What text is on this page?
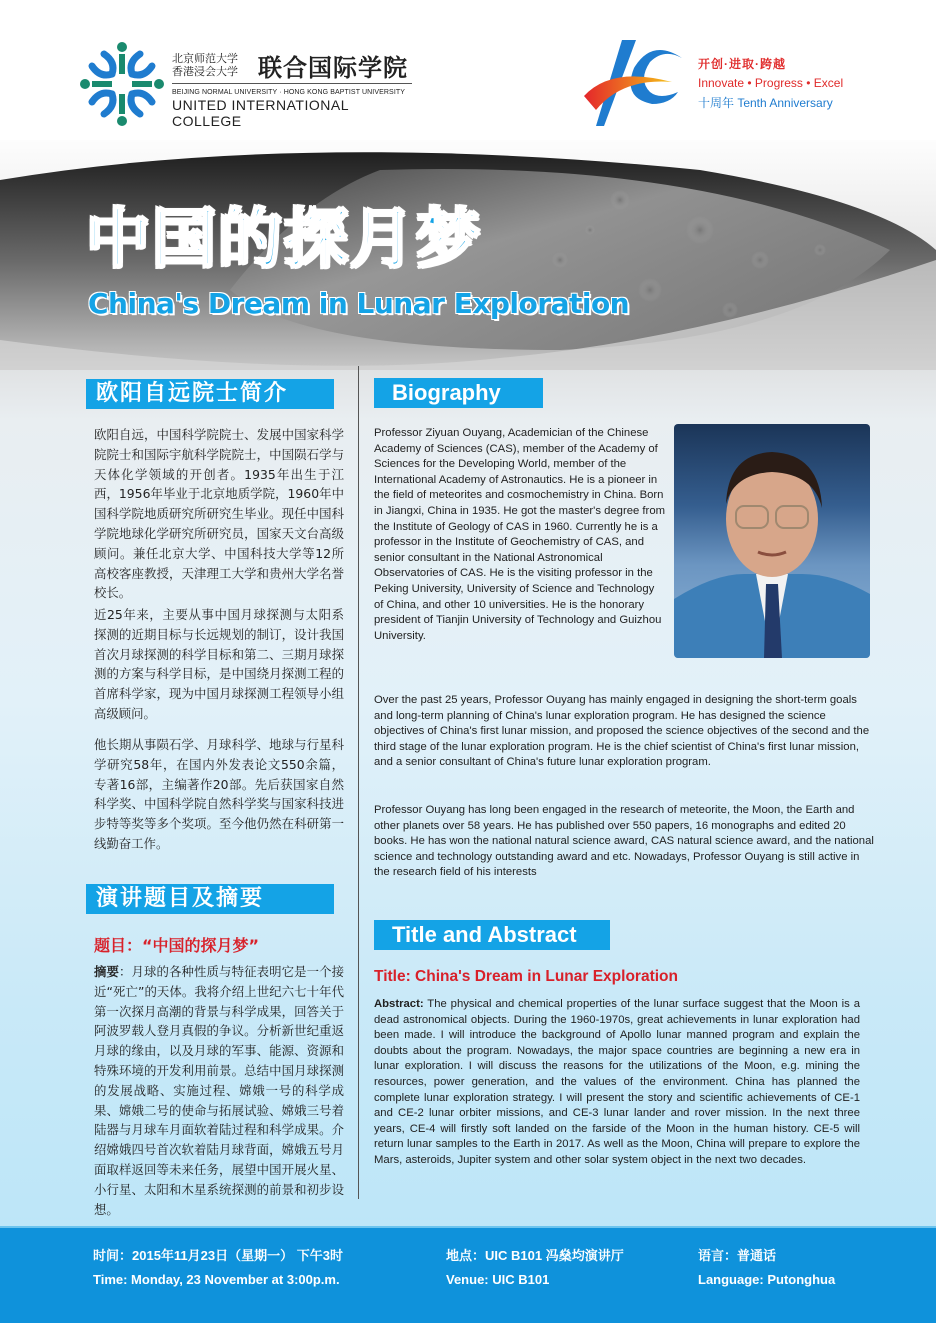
北京师范大学
香港浸会大学 联合国际学院
BEIJING NORMAL UNIVERSITY · HONG KONG BAPTIST UNIVERSITY
UNITED INTERNATIONAL COLLEGE
开创·进取·跨越
Innovate • Progress • Excel
十周年 Tenth Anniversary
中国的探月梦
China's Dream in Lunar Exploration
欧阳自远院士简介
欧阳自远，中国科学院院士、发展中国家科学院院士和国际宇航科学院院士，中国陨石学与天体化学领域的开创者。1935年出生于江西，1956年毕业于北京地质学院，1960年中国科学院地质研究所研究生毕业。现任中国科学院地球化学研究所研究员，国家天文台高级顾问。兼任北京大学、中国科技大学等12所高校客座教授，天津理工大学和贵州大学名誉校长。
近25年来，主要从事中国月球探测与太阳系探测的近期目标与长远规划的制订，设计我国首次月球探测的科学目标和第二、三期月球探测的方案与科学目标，是中国绕月探测工程的首席科学家，现为中国月球探测工程领导小组高级顾问。
他长期从事陨石学、月球科学、地球与行星科学研究58年，在国内外发表论文550余篇，专著16部，主编著作20部。先后获国家自然科学奖、中国科学院自然科学奖与国家科技进步特等奖等多个奖项。至今他仍然在科研第一线勤奋工作。
演讲题目及摘要
题目：“中国的探月梦”
摘要：月球的各种性质与特征表明它是一个接近“死亡”的天体。我将介绍上世纪六七十年代第一次探月高潮的背景与科学成果，回答关于阿波罗载人登月真假的争议。分析新世纪重返月球的缘由，以及月球的军事、能源、资源和特殊环境的开发利用前景。总结中国月球探测的发展战略、实施过程、嫦娥一号的科学成果、嫦娥二号的使命与拓展试验、嫦娥三号着陆器与月球车月面软着陆过程和科学成果。介绍嫦娥四号首次软着陆月球背面，嫦娥五号月面取样返回等未来任务，展望中国开展火星、小行星、太阳和木星系统探测的前景和初步设想。
Biography
Professor Ziyuan Ouyang, Academician of the Chinese Academy of Sciences (CAS), member of the Academy of Sciences for the Developing World, member of the International Academy of Astronautics. He is a pioneer in the field of meteorites and cosmochemistry in China. Born in Jiangxi, China in 1935. He got the master's degree from the Institute of Geology of CAS in 1960. Currently he is a professor in the Institute of Geochemistry of CAS, and senior consultant in the National Astronomical Observatories of CAS. He is the visiting professor in the Peking University, University of Science and Technology of China, and other 10 universities. He is the honorary president of Tianjin University of Technology and Guizhou University.
Over the past 25 years, Professor Ouyang has mainly engaged in designing the short-term goals and long-term planning of China's lunar exploration program. He has designed the science objectives of China's first lunar mission, and proposed the science objectives of the second and the third stage of the lunar exploration program. He is the chief scientist of China's first lunar mission, and a senior consultant of China's future lunar exploration program.
Professor Ouyang has long been engaged in the research of meteorite, the Moon, the Earth and other planets over 58 years. He has published over 550 papers, 16 monographs and edited 20 books. He has won the national natural science award, CAS natural science award, and the national science and technology outstanding award and etc. Nowadays, Professor Ouyang is still active in the research field of his interests
Title and Abstract
Title: China's Dream in Lunar Exploration
Abstract: The physical and chemical properties of the lunar surface suggest that the Moon is a dead astronomical objects. During the 1960-1970s, great achievements in lunar exploration had been made. I will introduce the background of Apollo lunar manned program and explain the doubts about the program. Nowadays, the major space countries are beginning a new era in lunar exploration. I will discuss the reasons for the utilizations of the Moon, e.g. mining the resources, power generation, and the values of the environment. China has planned the complete lunar exploration strategy. I will present the story and scientific achievements of CE-1 and CE-2 lunar orbiter missions, and CE-3 lunar lander and rover mission. In the next three years, CE-4 will firstly soft landed on the farside of the Moon in the human history. CE-5 will return lunar samples to the Earth in 2017. As well as the Moon, China will prepare to explore the Mars, asteroids, Jupiter system and other solar system object in the next two decades.
时间：2015年11月23日（星期一） 下午3时
Time: Monday, 23 November at 3:00p.m.
地点：UIC B101 冯燊均演讲厅
Venue: UIC B101
语言：普通话
Language: Putonghua
